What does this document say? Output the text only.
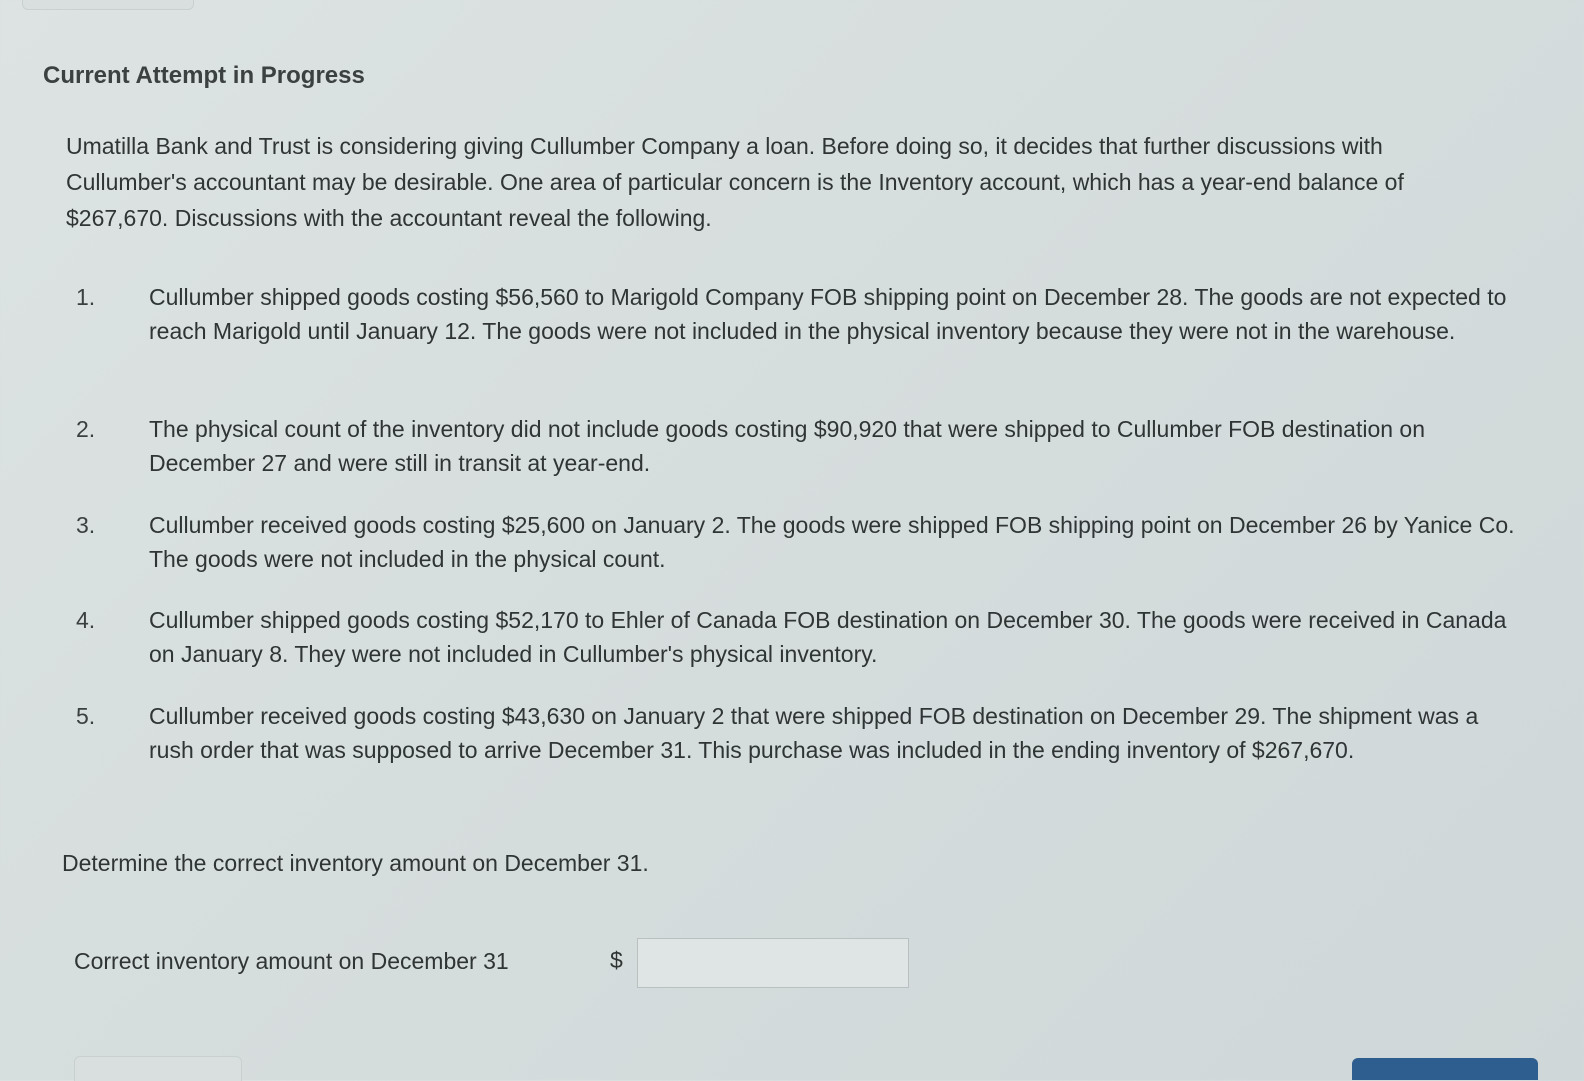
Current Attempt in Progress

Umatilla Bank and Trust is considering giving Cullumber Company a loan. Before doing so, it decides that further discussions with Cullumber's accountant may be desirable. One area of particular concern is the Inventory account, which has a year-end balance of $267,670. Discussions with the accountant reveal the following.

1.	Cullumber shipped goods costing $56,560 to Marigold Company FOB shipping point on December 28. The goods are not expected to reach Marigold until January 12. The goods were not included in the physical inventory because they were not in the warehouse.
2.	The physical count of the inventory did not include goods costing $90,920 that were shipped to Cullumber FOB destination on December 27 and were still in transit at year-end.
3.	Cullumber received goods costing $25,600 on January 2. The goods were shipped FOB shipping point on December 26 by Yanice Co. The goods were not included in the physical count.
4.	Cullumber shipped goods costing $52,170 to Ehler of Canada FOB destination on December 30. The goods were received in Canada on January 8. They were not included in Cullumber's physical inventory.
5.	Cullumber received goods costing $43,630 on January 2 that were shipped FOB destination on December 29. The shipment was a rush order that was supposed to arrive December 31. This purchase was included in the ending inventory of $267,670.

Determine the correct inventory amount on December 31.

Correct inventory amount on December 31	$
